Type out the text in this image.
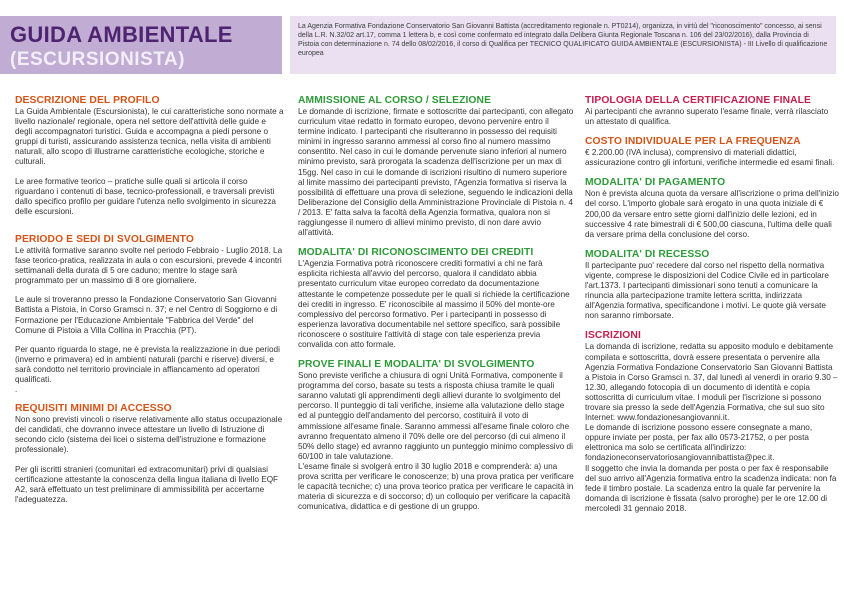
GUIDA AMBIENTALE
(ESCURSIONISTA)

La Agenzia Formativa Fondazione Conservatorio San Giovanni Battista (accreditamento regionale n. PT0214), organizza, in virtù del "riconoscimento" concesso, ai sensi della L.R. N.32/02 art.17, comma 1 lettera b, e così come confermato ed integrato dalla Delibera Giunta Regionale Toscana n. 106 del 23/02/2016), dalla Provincia di Pistoia con determinazione n. 74 dello 08/02/2016, il corso di Qualifica per TECNICO QUALIFICATO GUIDA AMBIENTALE (ESCURSIONISTA) - III Livello di qualificazione europea

DESCRIZIONE DEL PROFILO

La Guida Ambientale (Escursionista), le cui caratteristiche sono normate a livello nazionale/ regionale, opera nel settore dell'attività delle guide e degli accompagnatori turistici. Guida e accompagna a piedi persone o gruppi di turisti, assicurando assistenza tecnica, nella visita di ambienti naturali, allo scopo di illustrarne caratteristiche ecologiche, storiche e culturali.

Le aree formative teorico – pratiche sulle quali si articola il corso riguardano i contenuti di base, tecnico-professionali, e traversali previsti dallo specifico profilo per guidare l'utenza nello svolgimento in sicurezza delle escursioni.

PERIODO E SEDI DI SVOLGIMENTO

Le attività formative saranno svolte nel periodo Febbraio - Luglio 2018. La fase teorico-pratica, realizzata in aula o con escursioni, prevede 4 incontri settimanali della durata di 5 ore caduno; mentre lo stage sarà programmato per un massimo di 8 ore giornaliere.

Le aule si troveranno presso la Fondazione Conservatorio San Giovanni Battista a Pistoia, in Corso Gramsci n. 37; e nel Centro di Soggiorno e di Formazione per l'Educazione Ambientale "Fabbrica del Verde" del Comune di Pistoia a Villa Collina in Pracchia (PT).

Per quanto riguarda lo stage, ne è prevista la realizzazione in due periodi (inverno e primavera) ed in ambienti naturali (parchi e riserve) diversi, e sarà condotto nel territorio provinciale in affiancamento ad operatori qualificati.

.

REQUISITI MINIMI DI ACCESSO

Non sono previsti vincoli o riserve relativamente allo status occupazionale dei candidati, che dovranno invece attestare un livello di Istruzione di secondo ciclo (sistema dei licei o sistema dell'istruzione e formazione professionale).

Per gli iscritti stranieri (comunitari ed extracomunitari) privi di qualsiasi certificazione attestante la conoscenza della lingua italiana di livello EQF A2, sarà effettuato un test preliminare di ammissibilità per accertarne l'adeguatezza.

AMMISSIONE AL CORSO / SELEZIONE

Le domande di iscrizione, firmate e sottoscritte dai partecipanti, con allegato curriculum vitae redatto in formato europeo, devono pervenire entro il termine indicato. I partecipanti che risulteranno in possesso dei requisiti minimi in ingresso saranno ammessi al corso fino al numero massimo consentito. Nel caso in cui le domande pervenute siano inferiori al numero minimo previsto, sarà prorogata la scadenza dell'iscrizione per un max di 15gg. Nel caso in cui le domande di iscrizioni risultino di numero superiore al limite massimo dei partecipanti previsto, l'Agenzia formativa si riserva la possibilità di effettuare una prova di selezione, seguendo le indicazioni della Deliberazione del Consiglio della Amministrazione Provinciale di Pistoia n. 4 / 2013. E' fatta salva la facoltà della Agenzia formativa, qualora non si raggiungesse il numero di allievi minimo previsto, di non dare avvio all'attività.

MODALITA' DI RICONOSCIMENTO DEI CREDITI

L'Agenzia Formativa potrà riconoscere crediti formativi a chi ne farà esplicita richiesta all'avvio del percorso, qualora il candidato abbia presentato curriculum vitae europeo corredato da documentazione attestante le competenze possedute per le quali si richiede la certificazione dei crediti in ingresso. E' riconoscibile al massimo il 50% del monte-ore complessivo del percorso formativo. Per i partecipanti in possesso di esperienza lavorativa documentabile nel settore specifico, sarà possibile riconoscere o sostituire l'attività di stage con tale esperienza previa convalida con atto formale.

PROVE FINALI E MODALITA' DI SVOLGIMENTO

Sono previste verifiche a chiusura di ogni Unità Formativa, componente il programma del corso, basate su tests a risposta chiusa tramite le quali saranno valutati gli apprendimenti degli allievi durante lo svolgimento del percorso. Il punteggio di tali verifiche, insieme alla valutazione dello stage ed al punteggio dell'andamento del percorso, costituirà il voto di ammissione all'esame finale. Saranno ammessi all'esame finale coloro che avranno frequentato almeno il 70% delle ore del percorso (di cui almeno il 50% dello stage) ed avranno raggiunto un punteggio minimo complessivo di 60/100 in tale valutazione.

L'esame finale si svolgerà entro il 30 luglio 2018 e comprenderà: a) una prova scritta per verificare le conoscenze; b) una prova pratica per verificare le capacità tecniche; c) una prova teorico pratica per verificare le capacità in materia di sicurezza e di soccorso; d) un colloquio per verificare la capacità comunicativa, didattica e di gestione di un gruppo.

TIPOLOGIA DELLA CERTIFICAZIONE FINALE

Ai partecipanti che avranno superato l'esame finale, verrà rilasciato un attestato di qualifica.

COSTO INDIVIDUALE PER LA FREQUENZA

€ 2.200.00 (IVA inclusa), comprensivo di materiali didattici, assicurazione contro gli infortuni, verifiche intermedie ed esami finali.

MODALITA' DI PAGAMENTO

Non è prevista alcuna quota da versare all'iscrizione o prima dell'inizio del corso. L'importo globale sarà erogato in una quota iniziale di € 200,00 da versare entro sette giorni dall'inizio delle lezioni, ed in successive 4 rate bimestrali di € 500,00 ciascuna, l'ultima delle quali da versare prima della conclusione del corso.

MODALITA' DI RECESSO

Il partecipante puo' recedere dal corso nel rispetto della normativa vigente, comprese le disposizioni del Codice Civile ed in particolare l'art.1373. I partecipanti dimissionari sono tenuti a comunicare la rinuncia alla partecipazione tramite lettera scritta, indirizzata all'Agenzia formativa, specificandone i motivi. Le quote già versate non saranno rimborsate.

ISCRIZIONI

La domanda di iscrizione, redatta su apposito modulo e debitamente compilata e sottoscritta, dovrà essere presentata o pervenire alla Agenzia Formativa Fondazione Conservatorio San Giovanni Battista a Pistoia in Corso Gramsci n. 37, dal lunedì al venerdì in orario 9.30 – 12.30, allegando fotocopia di un documento di identità e copia sottoscritta di curriculum vitae. I moduli per l'iscrizione si possono trovare sia presso la sede dell'Agenzia Formativa, che sul suo sito Internet: www.fondazionesangiovanni.it.

Le domande di iscrizione possono essere consegnate a mano, oppure inviate per posta, per fax allo 0573-21752, o per posta elettronica ma solo se certificata all'indirizzo: fondazioneconservatoriosangiovannibattista@pec.it.

Il soggetto che invia la domanda per posta o per fax è responsabile del suo arrivo all'Agenzia formativa entro la scadenza indicata: non fa fede il timbro postale. La scadenza entro la quale far pervenire la domanda di iscrizione è fissata (salvo proroghe) per le ore 12.00 di mercoledì 31 gennaio 2018.
